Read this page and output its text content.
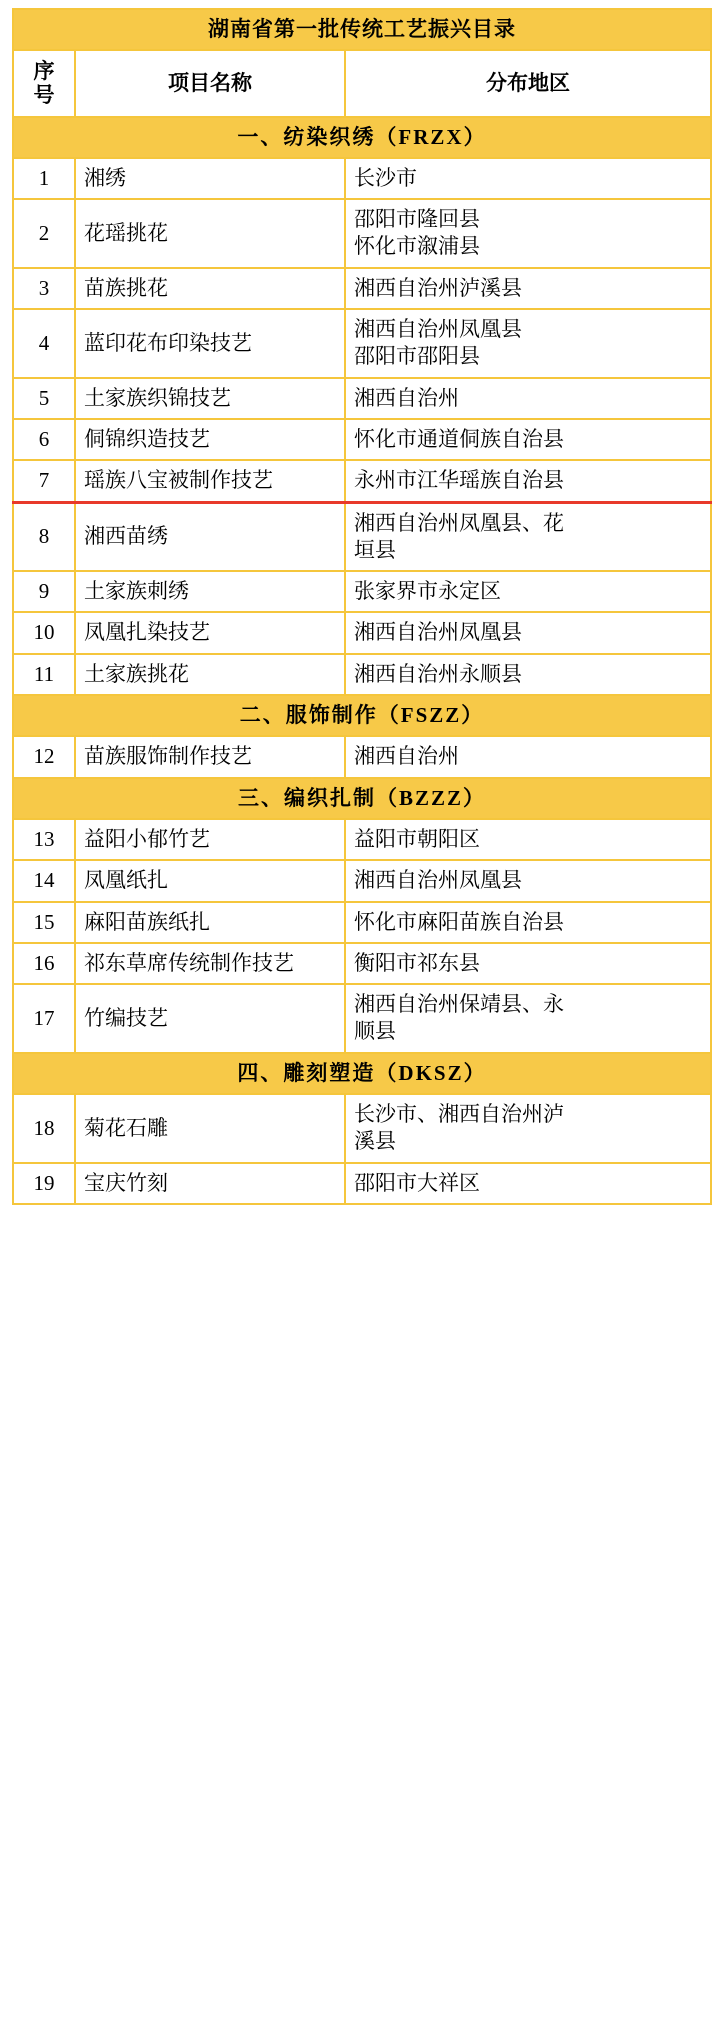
湖南省第一批传统工艺振兴目录		

序
号	项目名称	分布地区
一、纺染织绣（FRZX）		
1	湘绣	长沙市

2	花瑶挑花	邵阳市隆回县
怀化市溆浦县

3	苗族挑花	湘西自治州泸溪县

4	蓝印花布印染技艺	湘西自治州凤凰县
邵阳市邵阳县

5	土家族织锦技艺	湘西自治州

6	侗锦织造技艺	怀化市通道侗族自治县

7	瑶族八宝被制作技艺	永州市江华瑶族自治县

8	湘西苗绣	湘西自治州凤凰县、花
垣县

9	土家族刺绣	张家界市永定区

10	凤凰扎染技艺	湘西自治州凤凰县

11	土家族挑花	湘西自治州永顺县

二、服饰制作（FSZZ）		
12	苗族服饰制作技艺	湘西自治州

三、编织扎制（BZZZ）		
13	益阳小郁竹艺	益阳市朝阳区

14	凤凰纸扎	湘西自治州凤凰县

15	麻阳苗族纸扎	怀化市麻阳苗族自治县

16	祁东草席传统制作技艺	衡阳市祁东县

17	竹编技艺	湘西自治州保靖县、永
顺县

四、雕刻塑造（DKSZ）		
18	菊花石雕	长沙市、湘西自治州泸
溪县

19	宝庆竹刻	邵阳市大祥区
